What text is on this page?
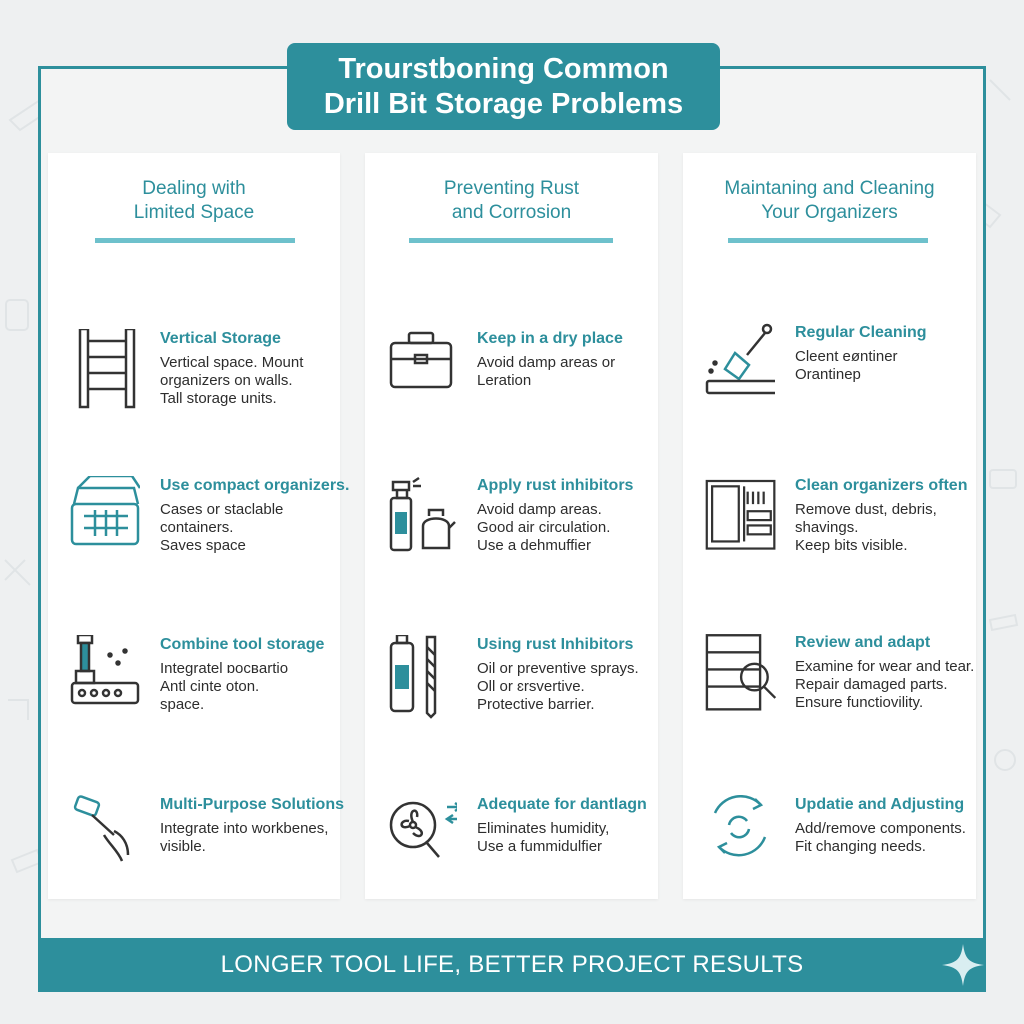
Trourstboning Common
Drill Bit Storage Problems
Dealing with
Limited Space
Vertical Storage
Vertical space. Mount
organizers on walls.
Tall storage units.
Use compact organizers.
Cases or staclable
containers.
Saves space
Combine tool storage
Integratel ɒocвartio
Antl cinte oton.
space.
Multi-Purpose Solutions
Integrate into workbenes,
visible.
Preventing Rust
and Corrosion
Keep in a dry place
Avoid damp areas or
Leration
Apply rust inhibitors
Avoid damp areas.
Good air circulation.
Use a dehmuffier
Using rust Inhibitors
Oil or preventive sprays.
Oll or ɛrsvertive.
Protective barrier.
Adequate for dantlagn
Eliminates humidity,
Use a fummidulfier
Maintaning and Cleaning
Your Organizers
Regular Cleaning
Cleent eøntiner
Orantinep
Clean organizers often
Remove dust, debris,
shavings.
Keep bits visible.
Review and adapt
Examine for wear and tear.
Repair damaged parts.
Ensure functiovility.
Updatie and Adjusting
Add/remove components.
Fit changing needs.
LONGER TOOL LIFE, BETTER PROJECT RESULTS
